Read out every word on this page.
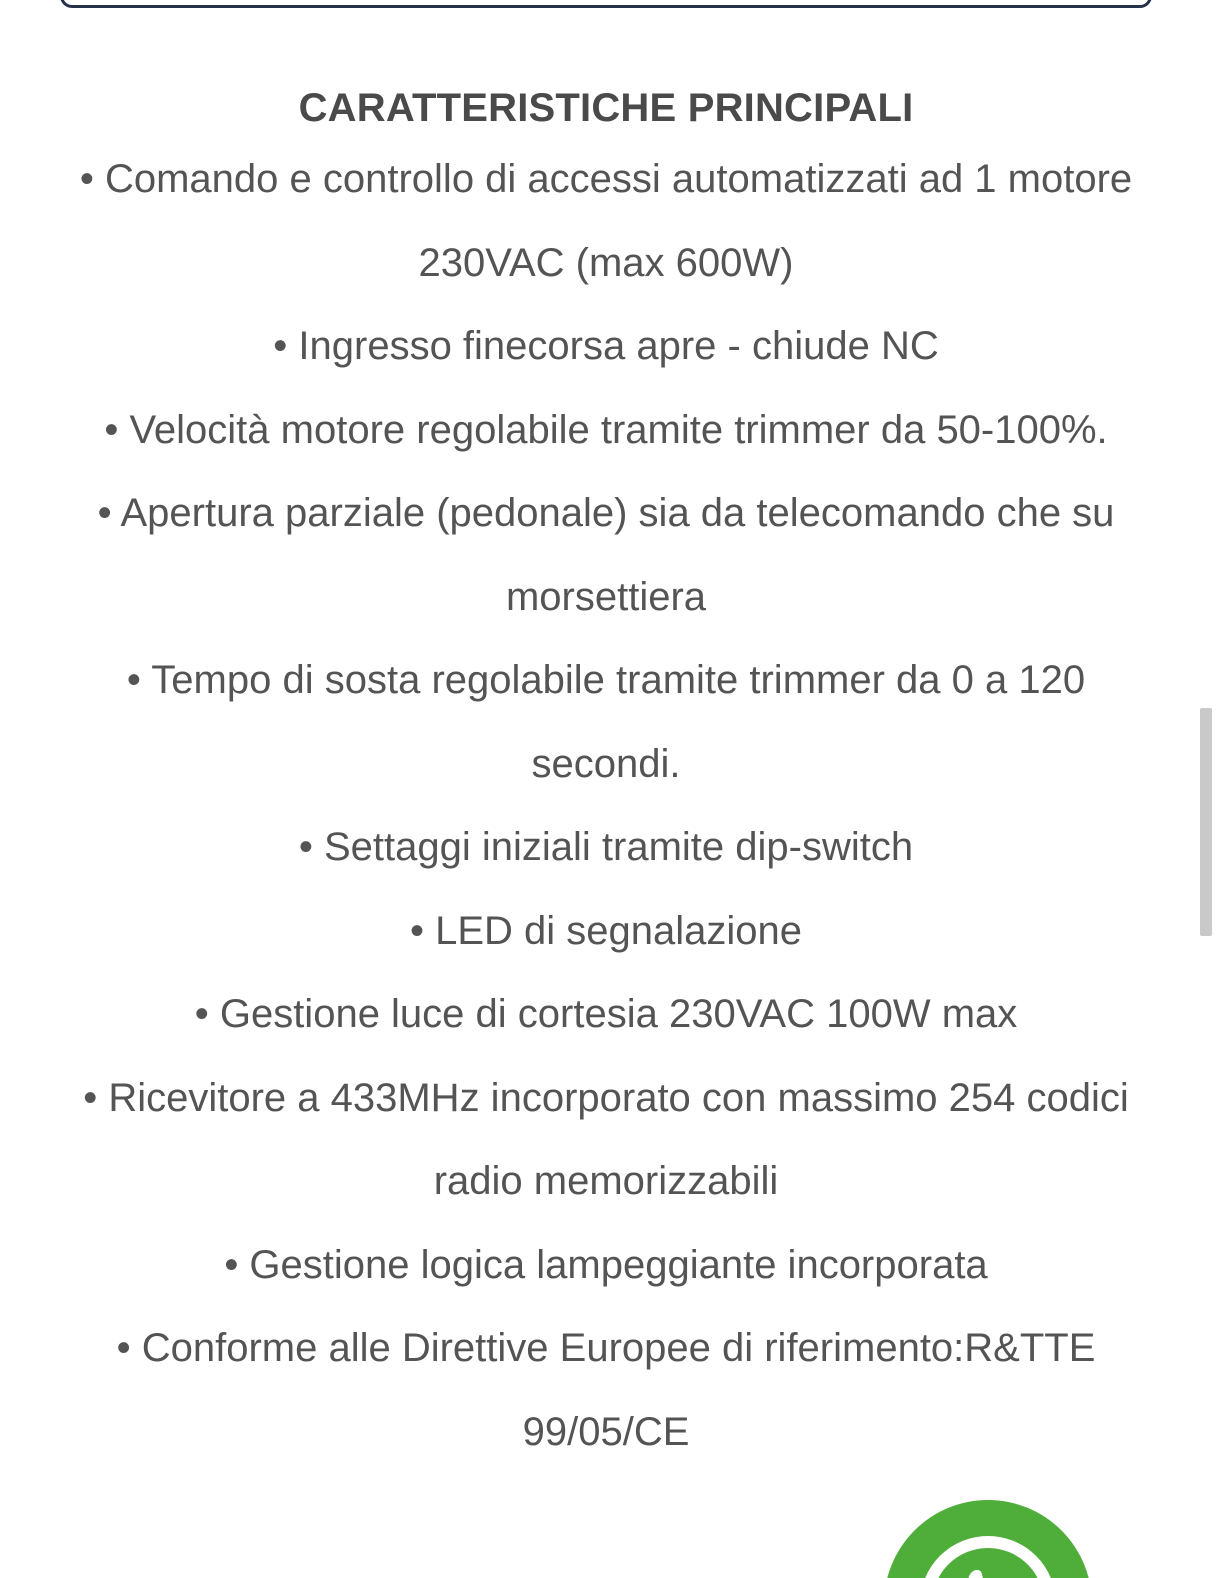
CARATTERISTICHE PRINCIPALI
• Comando e controllo di accessi automatizzati ad 1 motore 230VAC (max 600W)
• Ingresso finecorsa apre - chiude NC
• Velocità motore regolabile tramite trimmer da 50-100%.
• Apertura parziale (pedonale) sia da telecomando che su morsettiera
• Tempo di sosta regolabile tramite trimmer da 0 a 120 secondi.
• Settaggi iniziali tramite dip-switch
• LED di segnalazione
• Gestione luce di cortesia 230VAC 100W max
• Ricevitore a 433MHz incorporato con massimo 254 codici radio memorizzabili
• Gestione logica lampeggiante incorporata
• Conforme alle Direttive Europee di riferimento:R&TTE 99/05/CE
